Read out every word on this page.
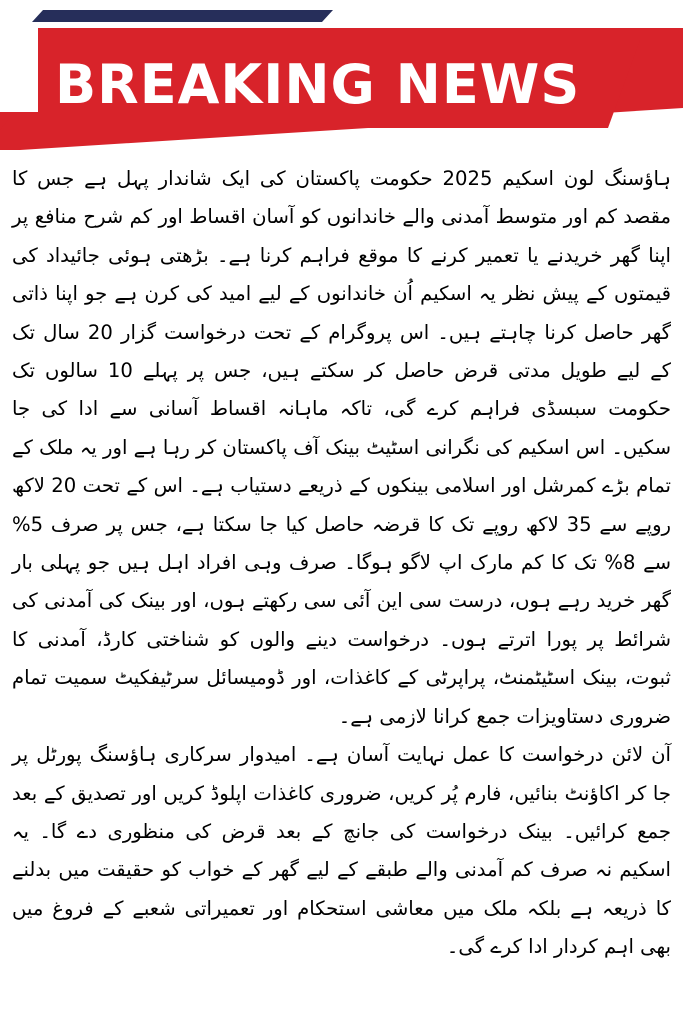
BREAKING NEWS

ہاؤسنگ لون اسکیم 2025 حکومت پاکستان کی ایک شاندار پہل ہے جس کا مقصد کم اور متوسط آمدنی والے خاندانوں کو آسان اقساط اور کم شرح منافع پر اپنا گھر خریدنے یا تعمیر کرنے کا موقع فراہم کرنا ہے۔ بڑھتی ہوئی جائیداد کی قیمتوں کے پیش نظر یہ اسکیم اُن خاندانوں کے لیے امید کی کرن ہے جو اپنا ذاتی گھر حاصل کرنا چاہتے ہیں۔ اس پروگرام کے تحت درخواست گزار 20 سال تک کے لیے طویل مدتی قرض حاصل کر سکتے ہیں، جس پر پہلے 10 سالوں تک حکومت سبسڈی فراہم کرے گی، تاکہ ماہانہ اقساط آسانی سے ادا کی جا سکیں۔ اس اسکیم کی نگرانی اسٹیٹ بینک آف پاکستان کر رہا ہے اور یہ ملک کے تمام بڑے کمرشل اور اسلامی بینکوں کے ذریعے دستیاب ہے۔ اس کے تحت 20 لاکھ روپے سے 35 لاکھ روپے تک کا قرضہ حاصل کیا جا سکتا ہے، جس پر صرف 5% سے 8% تک کا کم مارک اپ لاگو ہوگا۔ صرف وہی افراد اہل ہیں جو پہلی بار گھر خرید رہے ہوں، درست سی این آئی سی رکھتے ہوں، اور بینک کی آمدنی کی شرائط پر پورا اترتے ہوں۔ درخواست دینے والوں کو شناختی کارڈ، آمدنی کا ثبوت، بینک اسٹیٹمنٹ، پراپرٹی کے کاغذات، اور ڈومیسائل سرٹیفکیٹ سمیت تمام ضروری دستاویزات جمع کرانا لازمی ہے۔

آن لائن درخواست کا عمل نہایت آسان ہے۔ امیدوار سرکاری ہاؤسنگ پورٹل پر جا کر اکاؤنٹ بنائیں، فارم پُر کریں، ضروری کاغذات اپلوڈ کریں اور تصدیق کے بعد جمع کرائیں۔ بینک درخواست کی جانچ کے بعد قرض کی منظوری دے گا۔ یہ اسکیم نہ صرف کم آمدنی والے طبقے کے لیے گھر کے خواب کو حقیقت میں بدلنے کا ذریعہ ہے بلکہ ملک میں معاشی استحکام اور تعمیراتی شعبے کے فروغ میں بھی اہم کردار ادا کرے گی۔
